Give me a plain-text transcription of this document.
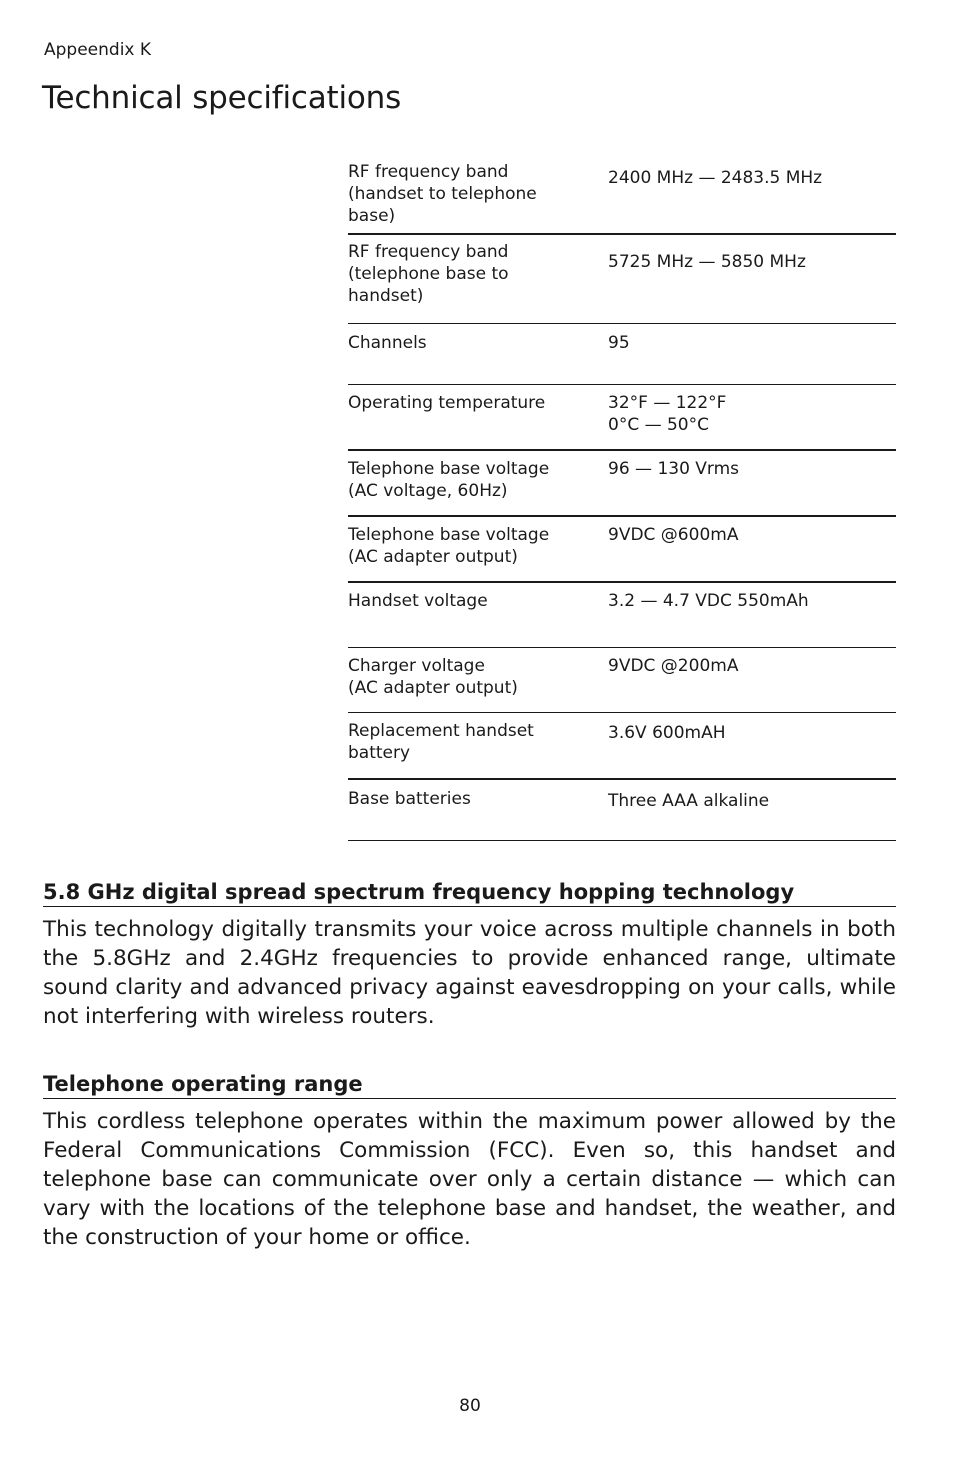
Appeendix K

Technical specifications
RF frequency band
(handset to telephone
base)	2400 MHz — 2483.5 MHz

RF frequency band
(telephone base to
handset)	5725 MHz — 5850 MHz

Channels	95

Operating temperature	32°F — 122°F
0°C — 50°C

Telephone base voltage
(AC voltage, 60Hz)	96 — 130 Vrms

Telephone base voltage
(AC adapter output)	9VDC @600mA

Handset voltage	3.2 — 4.7 VDC 550mAh

Charger voltage
(AC adapter output)	9VDC @200mA

Replacement handset
battery	3.6V 600mAH

Base batteries	Three AAA alkaline
5.8 GHz digital spread spectrum frequency hopping technology

This technology digitally transmits your voice across multiple channels in both the 5.8GHz and 2.4GHz frequencies to provide enhanced range, ultimate sound clarity and advanced privacy against eavesdropping on your calls, while not interfering with wireless routers.

Telephone operating range

This cordless telephone operates within the maximum power allowed by the Federal Communications Commission (FCC). Even so, this handset and telephone base can communicate over only a certain distance — which can vary with the locations of the telephone base and handset, the weather, and the construction of your home or office.

80
